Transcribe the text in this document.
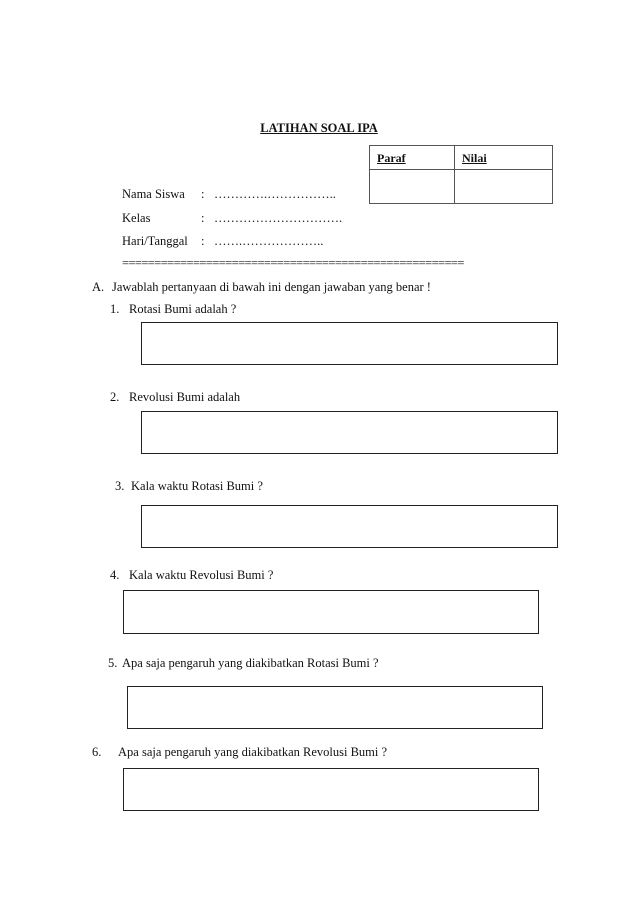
LATIHAN SOAL IPA
Paraf	Nilai

Nama Siswa : ………….……………..
Kelas	: ………………………….
Hari/Tanggal : …….………………..
=====================================================
A. Jawablah pertanyaan di bawah ini dengan jawaban yang benar !
1. Rotasi Bumi adalah ?
2. Revolusi Bumi adalah
3. Kala waktu Rotasi Bumi ?
4. Kala waktu Revolusi Bumi ?
5. Apa saja pengaruh yang diakibatkan Rotasi Bumi ?
6. Apa saja pengaruh yang diakibatkan Revolusi Bumi ?
